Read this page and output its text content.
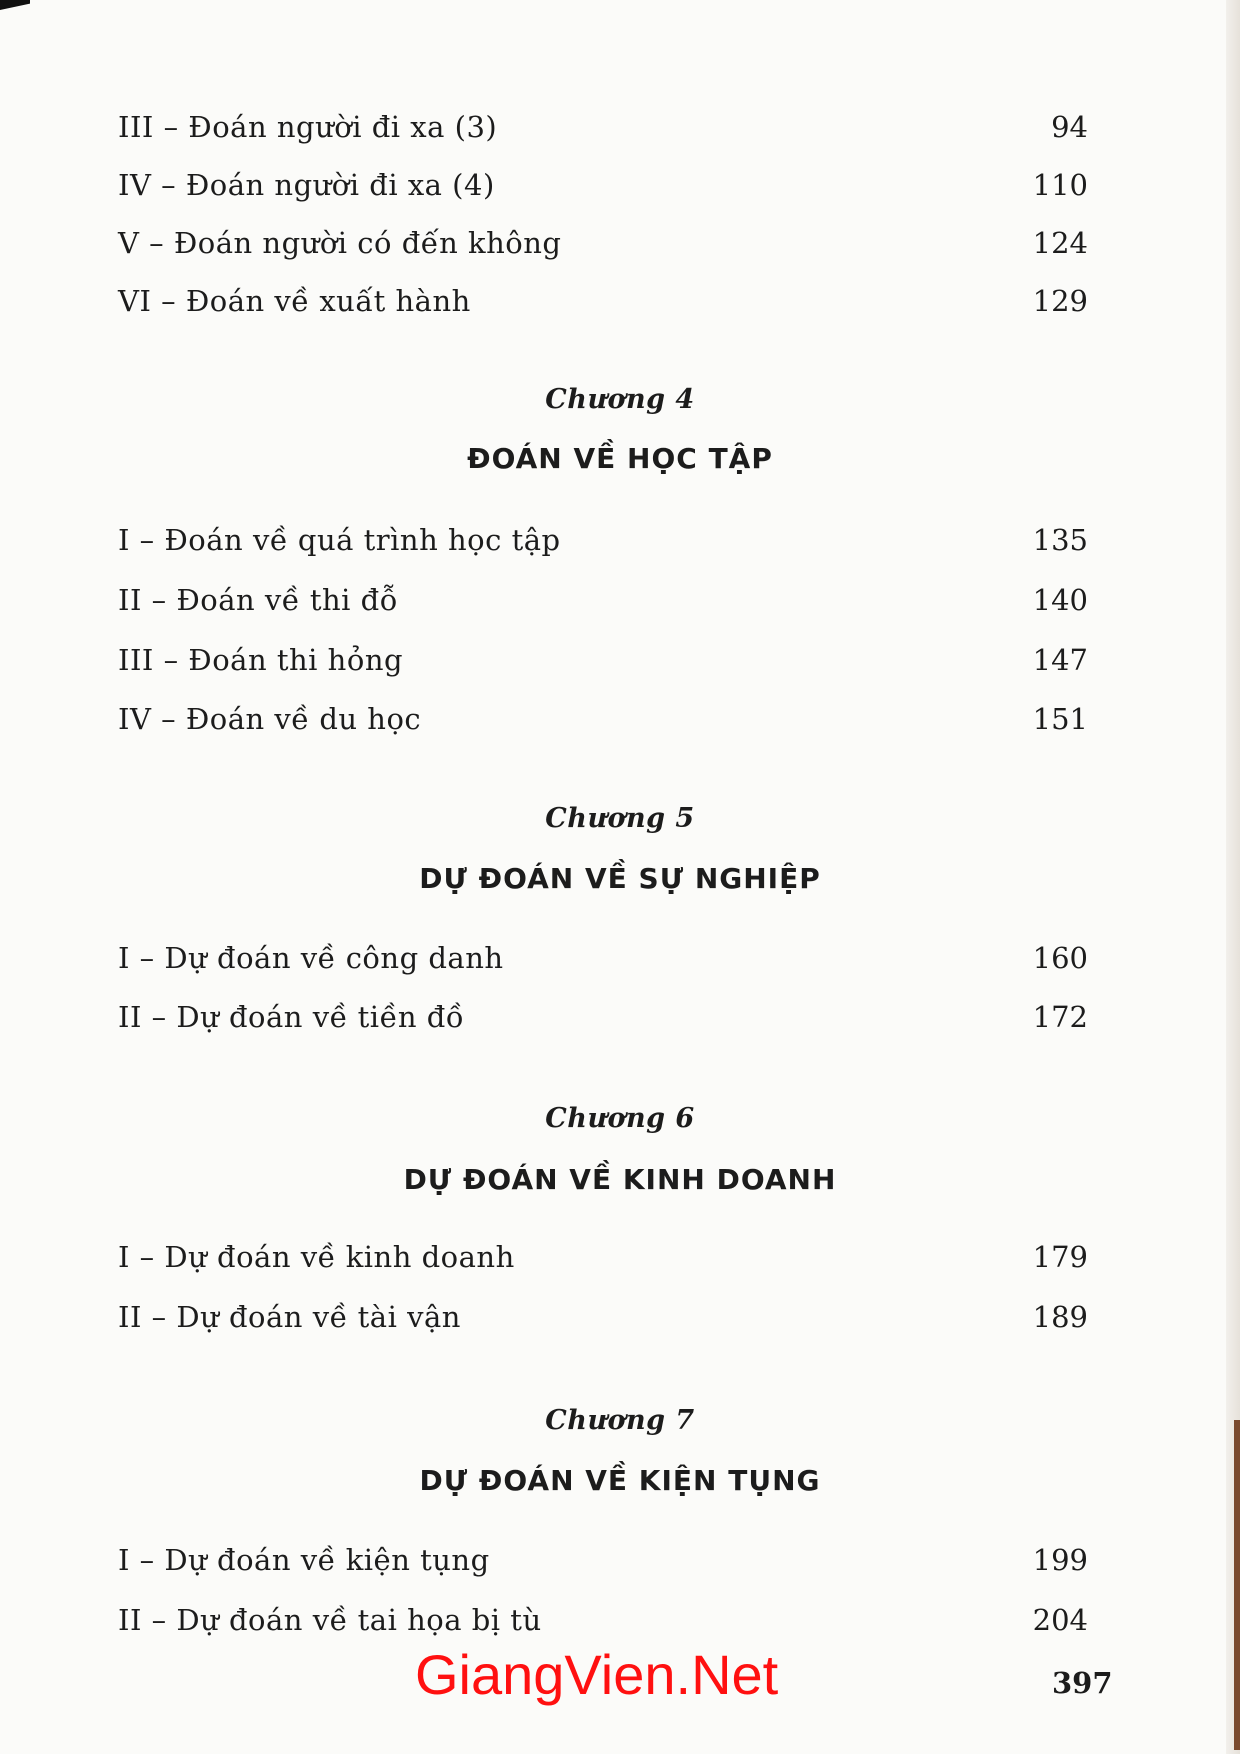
III – Đoán người đi xa (3)	94
IV – Đoán người đi xa (4)	110
V – Đoán người có đến không	124
VI – Đoán về xuất hành	129
Chương 4
ĐOÁN VỀ HỌC TẬP
I – Đoán về quá trình học tập	135
II – Đoán về thi đỗ	140
III – Đoán thi hỏng	147
IV – Đoán về du học	151
Chương 5
DỰ ĐOÁN VỀ SỰ NGHIỆP
I – Dự đoán về công danh	160
II – Dự đoán về tiền đồ	172
Chương 6
DỰ ĐOÁN VỀ KINH DOANH
I – Dự đoán về kinh doanh	179
II – Dự đoán về tài vận	189
Chương 7
DỰ ĐOÁN VỀ KIỆN TỤNG
I – Dự đoán về kiện tụng	199
II – Dự đoán về tai họa bị tù	204
GiangVien.Net	397
